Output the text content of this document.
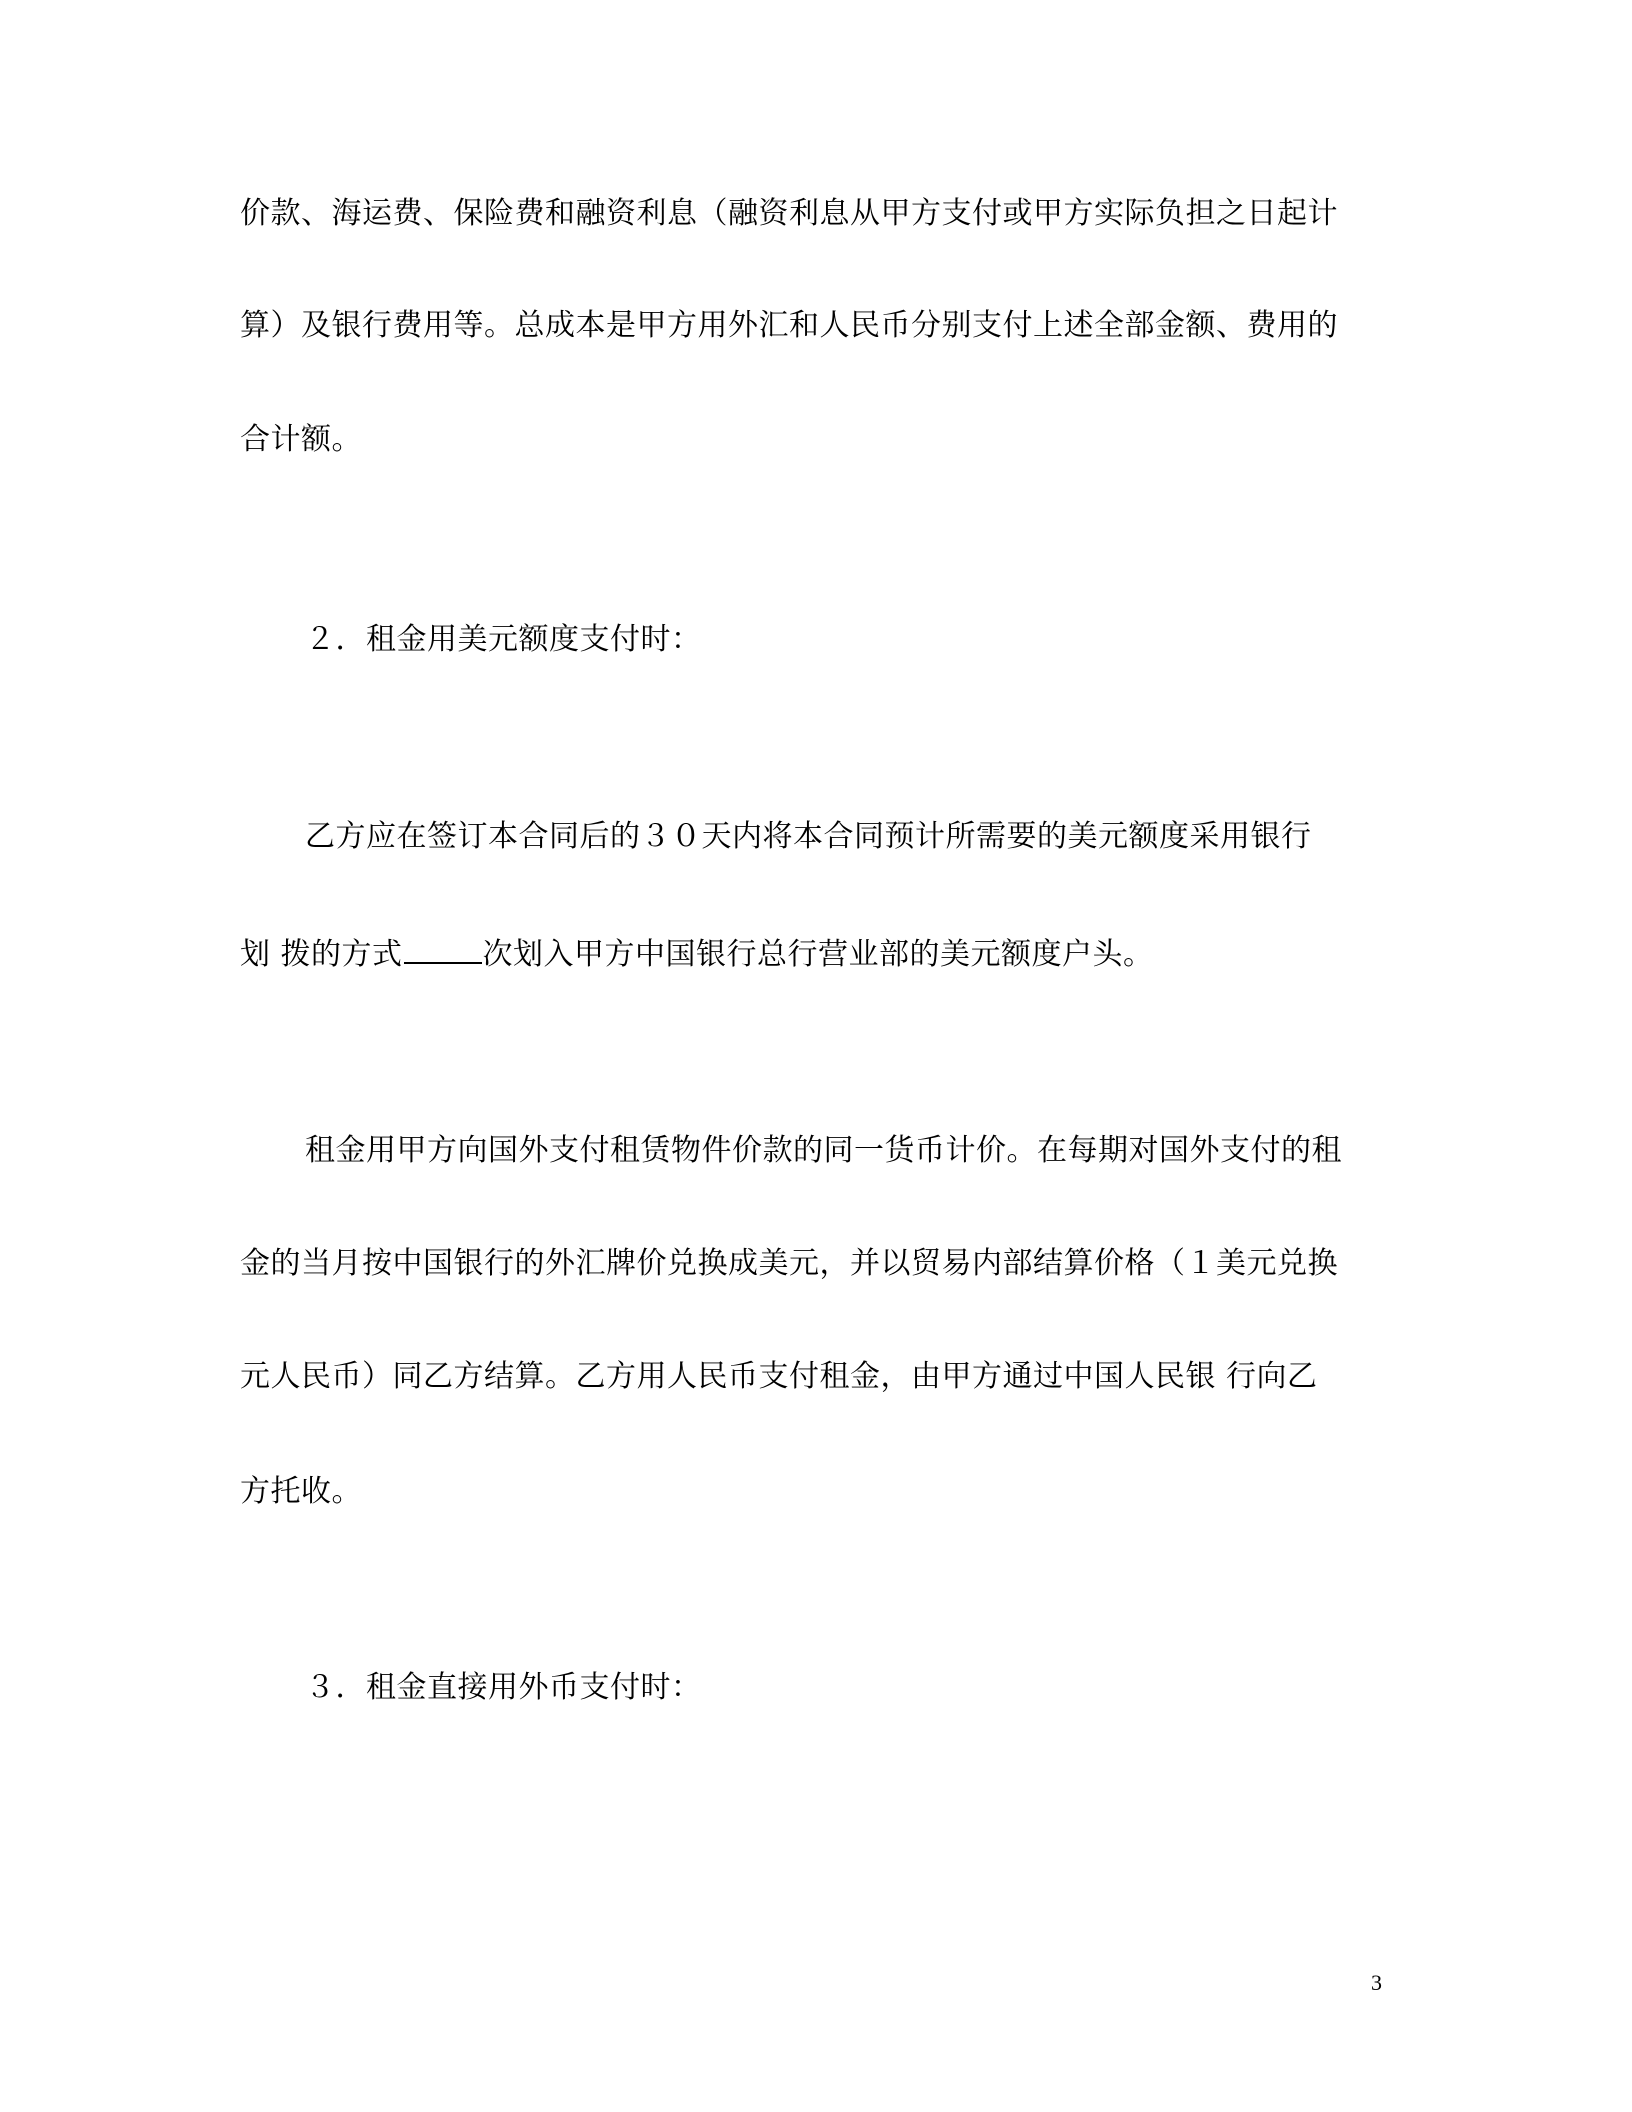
价款、海运费、保险费和融资利息（融资利息从甲方支付或甲方实际负担之日起计
算）及银行费用等。总成本是甲方用外汇和人民币分别支付上述全部金额、费用的
合计额。
２．租金用美元额度支付时：
乙方应在签订本合同后的３０天内将本合同预计所需要的美元额度采用银行
划 拨的方式	次划入甲方中国银行总行营业部的美元额度户头。
租金用甲方向国外支付租赁物件价款的同一货币计价。在每期对国外支付的租
金的当月按中国银行的外汇牌价兑换成美元，并以贸易内部结算价格（１美元兑换
元人民币）同乙方结算。乙方用人民币支付租金，由甲方通过中国人民银 行向乙
方托收。
３．租金直接用外币支付时：
3
